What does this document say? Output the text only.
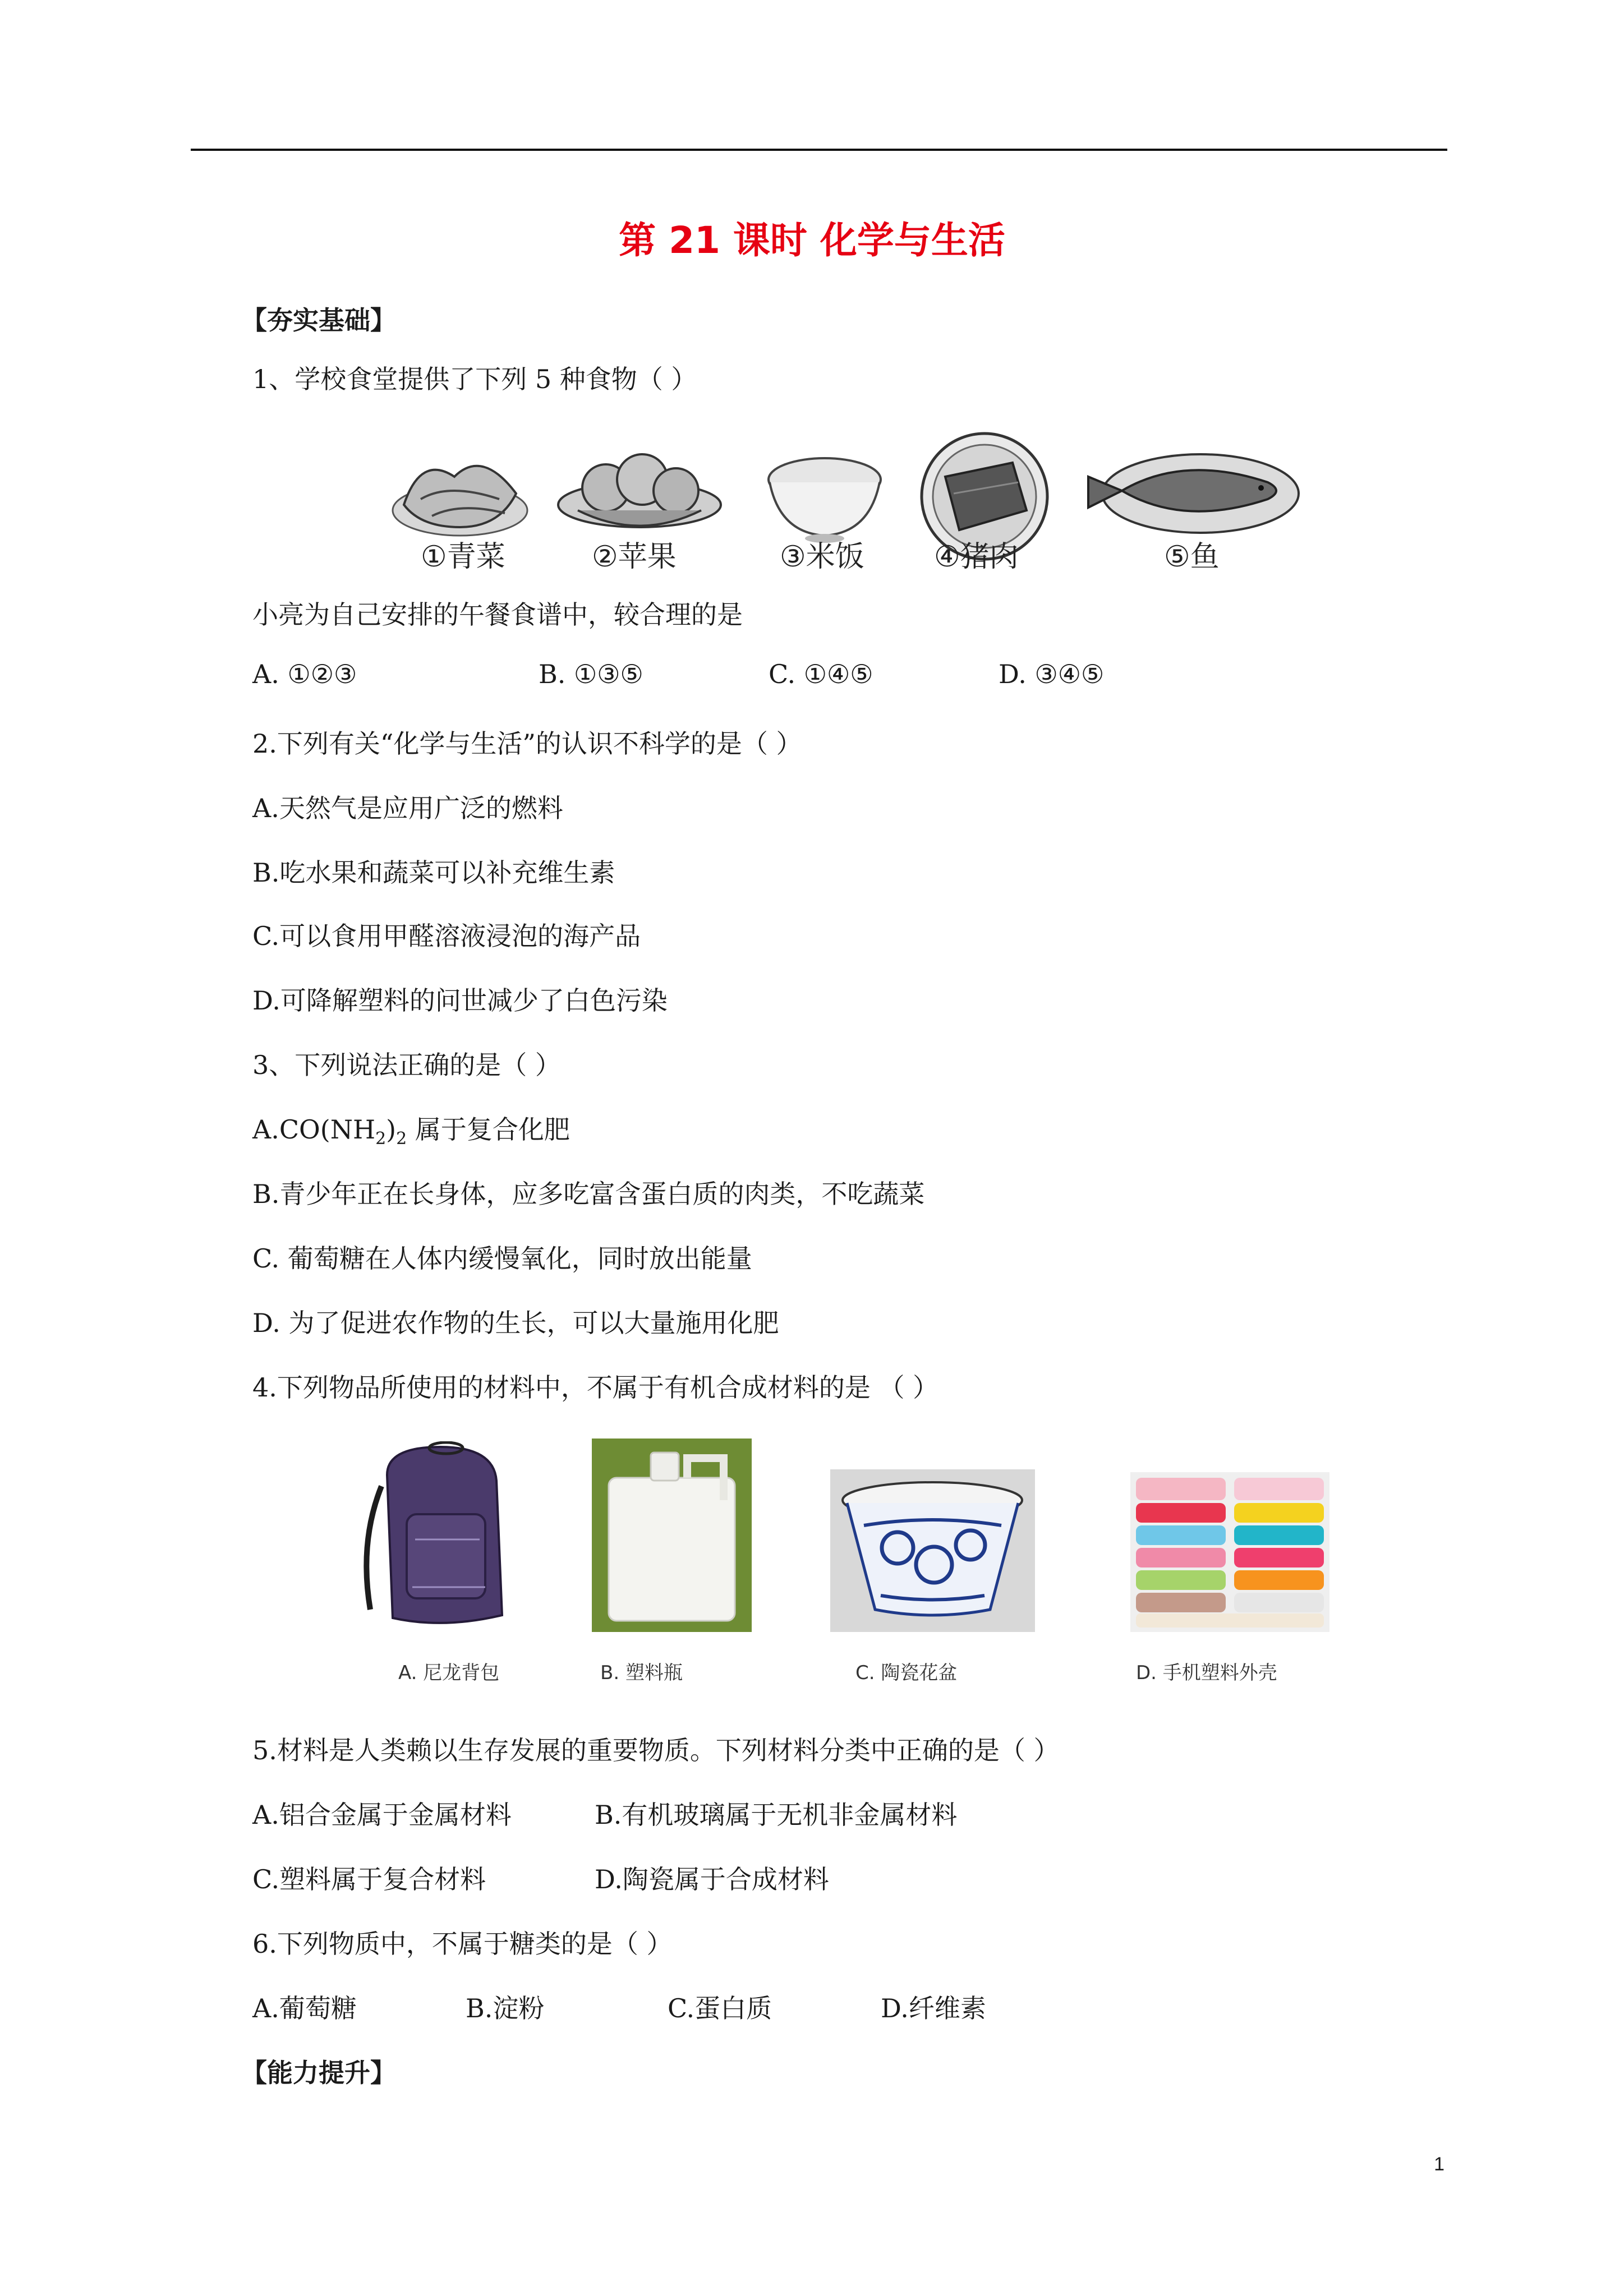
第 21 课时 化学与生活
【夯实基础】
1、学校食堂提供了下列 5 种食物（ ）
①青菜	②苹果	③米饭 ④猪肉	⑤鱼
小亮为自己安排的午餐食谱中，较合理的是
A. ①②③	B. ①③⑤	C. ①④⑤	D. ③④⑤
2.下列有关“化学与生活”的认识不科学的是（ ）
A.天然气是应用广泛的燃料
B.吃水果和蔬菜可以补充维生素
C.可以食用甲醛溶液浸泡的海产品
D.可降解塑料的问世减少了白色污染
3、下列说法正确的是（ ）
$A.CO(NH_2)_2$ 属于复合化肥
B.青少年正在长身体，应多吃富含蛋白质的肉类，不吃蔬菜
C. 葡萄糖在人体内缓慢氧化，同时放出能量
D. 为了促进农作物的生长，可以大量施用化肥
4.下列物品所使用的材料中，不属于有机合成材料的是 （ ）
A. 尼龙背包	B. 塑料瓶	C. 陶瓷花盆	D. 手机塑料外壳
5.材料是人类赖以生存发展的重要物质。下列材料分类中正确的是（ ）
A.铝合金属于金属材料	B.有机玻璃属于无机非金属材料
C.塑料属于复合材料	D.陶瓷属于合成材料
6.下列物质中，不属于糖类的是（ ）
A.葡萄糖	B.淀粉	C.蛋白质	D.纤维素
【能力提升】
1
